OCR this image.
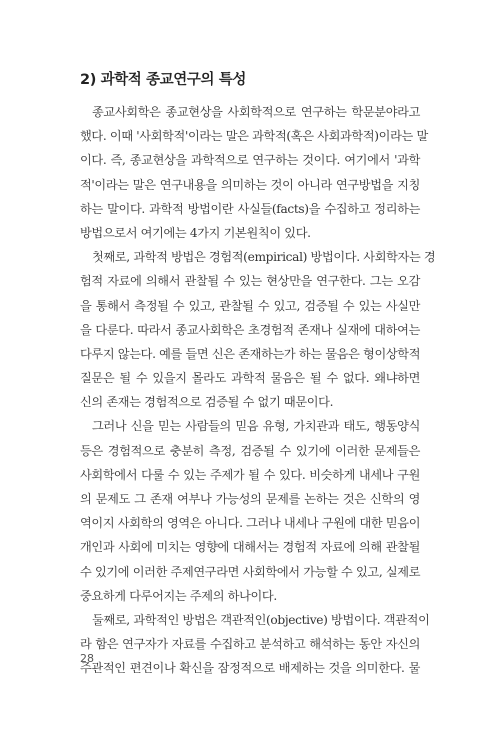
2) 과학적 종교연구의 특성
종교사회학은 종교현상을 사회학적으로 연구하는 학문분야라고
했다. 이때 '사회학적'이라는 말은 과학적(혹은 사회과학적)이라는 말
이다. 즉, 종교현상을 과학적으로 연구하는 것이다. 여기에서 '과학
적'이라는 말은 연구내용을 의미하는 것이 아니라 연구방법을 지칭
하는 말이다. 과학적 방법이란 사실들(facts)을 수집하고 정리하는
방법으로서 여기에는 4가지 기본원칙이 있다.
첫째로, 과학적 방법은 경험적(empirical) 방법이다. 사회학자는 경
험적 자료에 의해서 관찰될 수 있는 현상만을 연구한다. 그는 오감
을 통해서 측정될 수 있고, 관찰될 수 있고, 검증될 수 있는 사실만
을 다룬다. 따라서 종교사회학은 초경험적 존재나 실재에 대하여는
다루지 않는다. 예를 들면 신은 존재하는가 하는 물음은 형이상학적
질문은 될 수 있을지 몰라도 과학적 물음은 될 수 없다. 왜냐하면
신의 존재는 경험적으로 검증될 수 없기 때문이다.
그러나 신을 믿는 사람들의 믿음 유형, 가치관과 태도, 행동양식
등은 경험적으로 충분히 측정, 검증될 수 있기에 이러한 문제들은
사회학에서 다룰 수 있는 주제가 될 수 있다. 비슷하게 내세나 구원
의 문제도 그 존재 여부나 가능성의 문제를 논하는 것은 신학의 영
역이지 사회학의 영역은 아니다. 그러나 내세나 구원에 대한 믿음이
개인과 사회에 미치는 영향에 대해서는 경험적 자료에 의해 관찰될
수 있기에 이러한 주제연구라면 사회학에서 가능할 수 있고, 실제로
중요하게 다루어지는 주제의 하나이다.
둘째로, 과학적인 방법은 객관적인(objective) 방법이다. 객관적이
라 함은 연구자가 자료를 수집하고 분석하고 해석하는 동안 자신의
주관적인 편견이나 확신을 잠정적으로 배제하는 것을 의미한다. 물
28
